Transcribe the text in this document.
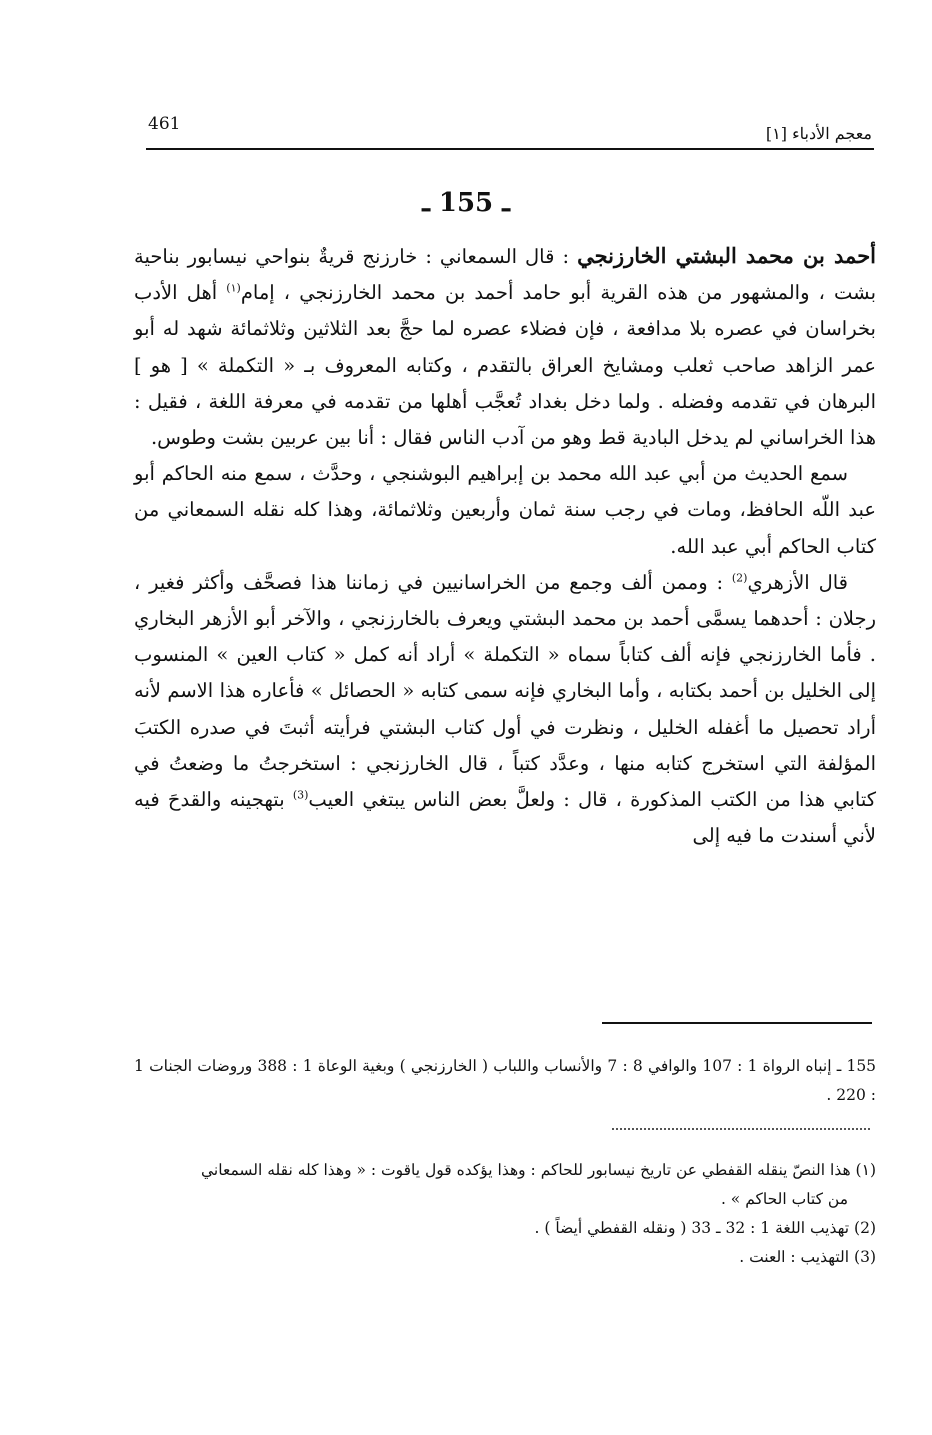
461	معجم الأدباء [١]
ـ 155 ـ

أحمد بن محمد البشتي الخارزنجي : قال السمعاني : خارزنج قريةٌ بنواحي نيسابور بناحية بشت ، والمشهور من هذه القرية أبو حامد أحمد بن محمد الخارزنجي ، إمام$^{(١)}$ أهل الأدب بخراسان في عصره بلا مدافعة ، فإن فضلاء عصره لما حجَّ بعد الثلاثين وثلاثمائة شهد له أبو عمر الزاهد صاحب ثعلب ومشايخ العراق بالتقدم ، وكتابه المعروف بـ « التكملة » [ هو ] البرهان في تقدمه وفضله . ولما دخل بغداد تُعجَّب أهلها من تقدمه في معرفة اللغة ، فقيل : هذا الخراساني لم يدخل البادية قط وهو من آدب الناس فقال : أنا بين عربين بشت وطوس.

سمع الحديث من أبي عبد الله محمد بن إبراهيم البوشنجي ، وحدَّث ، سمع منه الحاكم أبو عبد اللّه الحافظ، ومات في رجب سنة ثمان وأربعين وثلاثمائة، وهذا كله نقله السمعاني من كتاب الحاكم أبي عبد الله.

قال الأزهري$^{(2)}$ : وممن ألف وجمع من الخراسانيين في زماننا هذا فصحَّف وأكثر فغير ، رجلان : أحدهما يسمَّى أحمد بن محمد البشتي ويعرف بالخارزنجي ، والآخر أبو الأزهر البخاري . فأما الخارزنجي فإنه ألف كتاباً سماه « التكملة » أراد أنه كمل « كتاب العين » المنسوب إلى الخليل بن أحمد بكتابه ، وأما البخاري فإنه سمى كتابه « الحصائل » فأعاره هذا الاسم لأنه أراد تحصيل ما أغفله الخليل ، ونظرت في أول كتاب البشتي فرأيته أثبتَ في صدره الكتبَ المؤلفة التي استخرج كتابه منها ، وعدَّد كتباً ، قال الخارزنجي : استخرجتُ ما وضعتُ في كتابي هذا من الكتب المذكورة ، قال : ولعلَّ بعض الناس يبتغي العيب$^{(3)}$ بتهجينه والقدحَ فيه لأني أسندت ما فيه إلى

155 ـ إنباه الرواة 1 : 107 والوافي 8 : 7 والأنساب واللباب ( الخارزنجي ) وبغية الوعاة 1 : 388 وروضات الجنات 1 : 220 .

(١) هذا النصّ ينقله القفطي عن تاريخ نيسابور للحاكم : وهذا يؤكده قول ياقوت : « وهذا كله نقله السمعاني

من كتاب الحاكم » .

(2) تهذيب اللغة 1 : 32 ـ 33 ( ونقله القفطي أيضاً ) .

(3) التهذيب : العنت .
